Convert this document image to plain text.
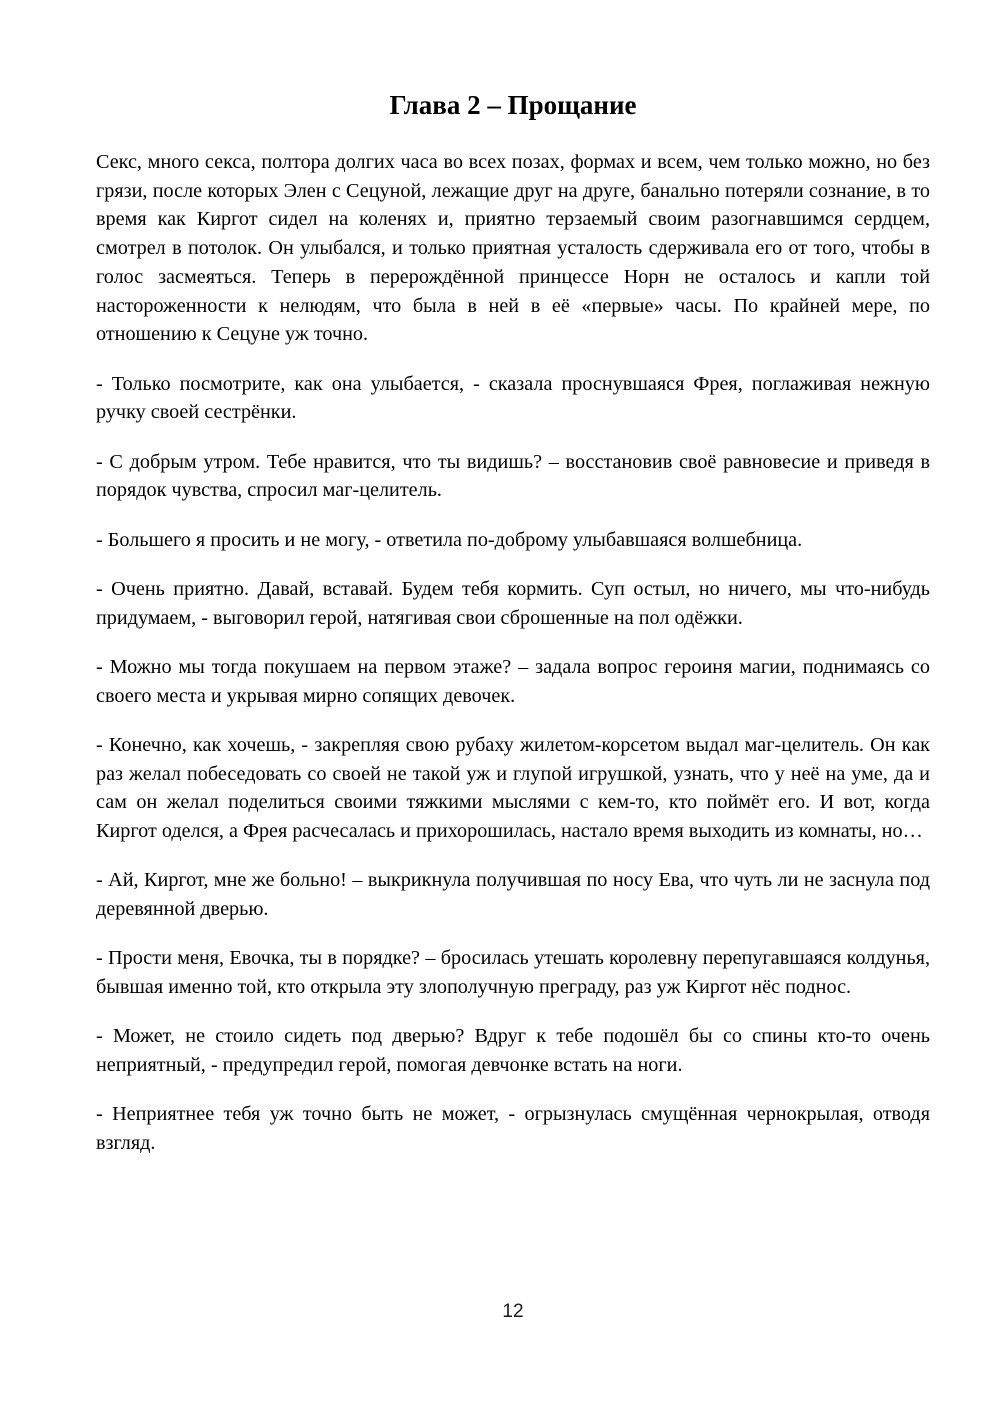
Глава 2 – Прощание

Секс, много секса, полтора долгих часа во всех позах, формах и всем, чем только можно, но без грязи, после которых Элен с Сецуной, лежащие друг на друге, банально потеряли сознание, в то время как Киргот сидел на коленях и, приятно терзаемый своим разогнавшимся сердцем, смотрел в потолок. Он улыбался, и только приятная усталость сдерживала его от того, чтобы в голос засмеяться. Теперь в перерождённой принцессе Норн не осталось и капли той настороженности к нелюдям, что была в ней в её «первые» часы. По крайней мере, по отношению к Сецуне уж точно.

- Только посмотрите, как она улыбается, - сказала проснувшаяся Фрея, поглаживая нежную ручку своей сестрёнки.

- С добрым утром. Тебе нравится, что ты видишь? – восстановив своё равновесие и приведя в порядок чувства, спросил маг-целитель.

- Большего я просить и не могу, - ответила по-доброму улыбавшаяся волшебница.

- Очень приятно. Давай, вставай. Будем тебя кормить. Суп остыл, но ничего, мы что-нибудь придумаем, - выговорил герой, натягивая свои сброшенные на пол одёжки.

- Можно мы тогда покушаем на первом этаже? – задала вопрос героиня магии, поднимаясь со своего места и укрывая мирно сопящих девочек.

- Конечно, как хочешь, - закрепляя свою рубаху жилетом-корсетом выдал маг-целитель. Он как раз желал побеседовать со своей не такой уж и глупой игрушкой, узнать, что у неё на уме, да и сам он желал поделиться своими тяжкими мыслями с кем-то, кто поймёт его. И вот, когда Киргот оделся, а Фрея расчесалась и прихорошилась, настало время выходить из комнаты, но…

- Ай, Киргот, мне же больно! – выкрикнула получившая по носу Ева, что чуть ли не заснула под деревянной дверью.

- Прости меня, Евочка, ты в порядке? – бросилась утешать королевну перепугавшаяся колдунья, бывшая именно той, кто открыла эту злополучную преграду, раз уж Киргот нёс поднос.

- Может, не стоило сидеть под дверью? Вдруг к тебе подошёл бы со спины кто-то очень неприятный, - предупредил герой, помогая девчонке встать на ноги.

- Неприятнее тебя уж точно быть не может, - огрызнулась смущённая чернокрылая, отводя взгляд.

12
